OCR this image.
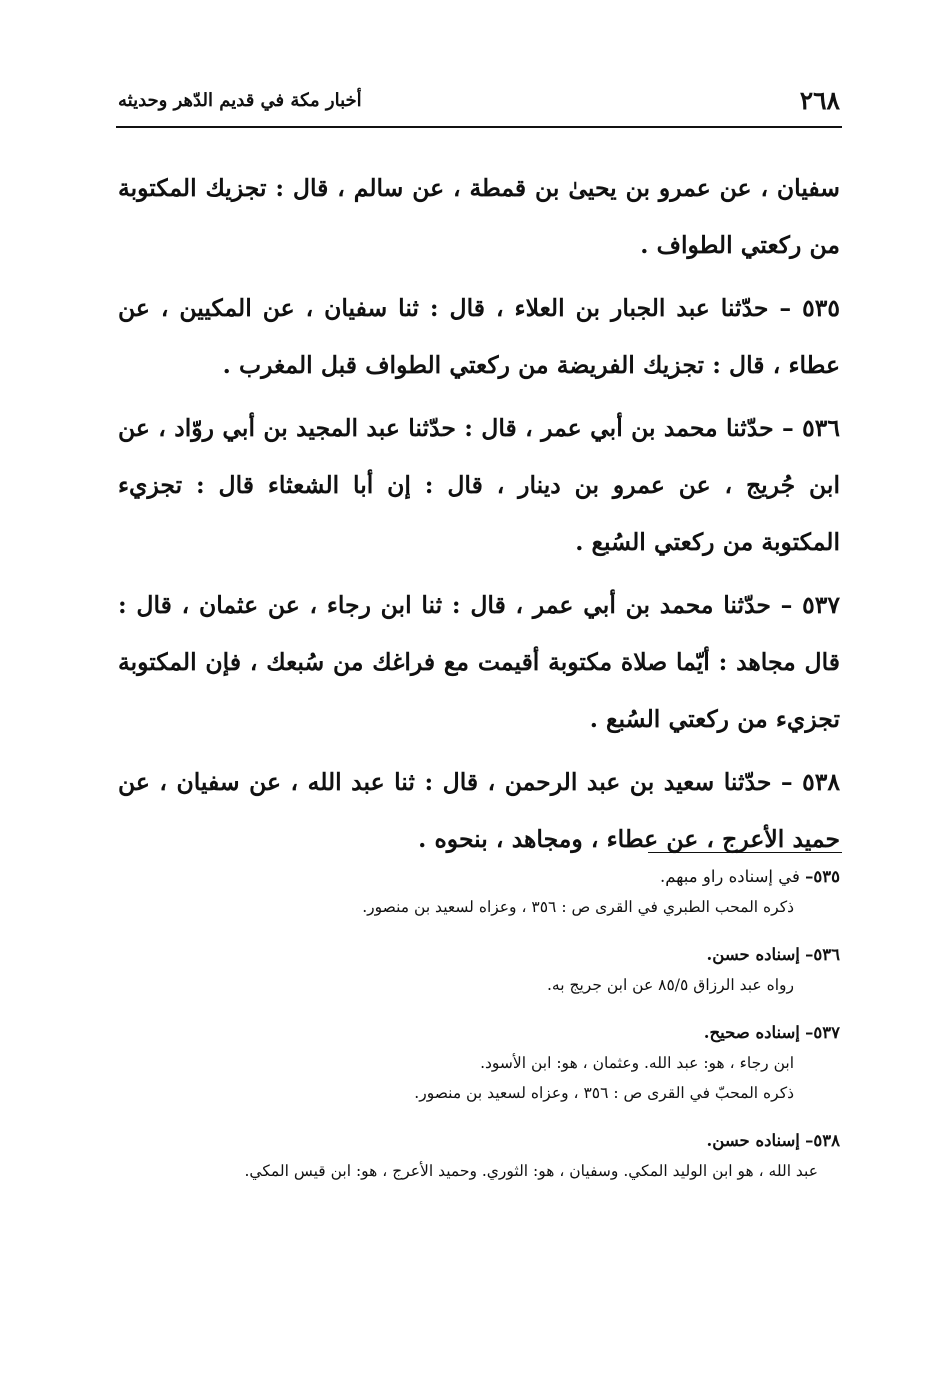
٢٦٨
أخبار مكة في قديم الدّهر وحديثه

سفيان ، عن عمرو بن يحيىٰ بن قمطة ، عن سالم ، قال : تجزيك المكتوبة من ركعتي الطواف .

٥٣٥ – حدّثنا عبد الجبار بن العلاء ، قال : ثنا سفيان ، عن المكيين ، عن عطاء ، قال : تجزيك الفريضة من ركعتي الطواف قبل المغرب .

٥٣٦ – حدّثنا محمد بن أبي عمر ، قال : حدّثنا عبد المجيد بن أبي روّاد ، عن ابن جُريج ، عن عمرو بن دينار ، قال : إن أبا الشعثاء قال : تجزيء المكتوبة من ركعتي السُبع .

٥٣٧ – حدّثنا محمد بن أبي عمر ، قال : ثنا ابن رجاء ، عن عثمان ، قال : قال مجاهد : أيّما صلاة مكتوبة أقيمت مع فراغك من سُبعك ، فإن المكتوبة تجزيء من ركعتي السُبع .

٥٣٨ – حدّثنا سعيد بن عبد الرحمن ، قال : ثنا عبد الله ، عن سفيان ، عن حميد الأعرج ، عن عطاء ، ومجاهد ، بنحوه .

٥٣٥– في إسناده راو مبهم.
ذكره المحب الطبري في القرى ص : ٣٥٦ ، وعزاه لسعيد بن منصور.
٥٣٦– إسناده حسن.
رواه عبد الرزاق ٨٥/٥ عن ابن جريج به.
٥٣٧– إسناده صحيح.
ابن رجاء ، هو: عبد الله. وعثمان ، هو: ابن الأسود.
ذكره المحبّ في القرى ص : ٣٥٦ ، وعزاه لسعيد بن منصور.
٥٣٨– إسناده حسن.
عبد الله ، هو ابن الوليد المكي. وسفيان ، هو: الثوري. وحميد الأعرج ، هو: ابن قيس المكي.
